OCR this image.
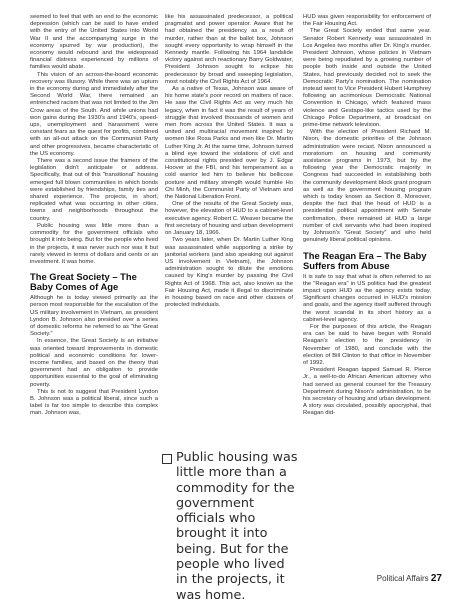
seemed to feel that with an end to the economic depression (which can be said to have ended with the entry of the United States into World War II and the accompanying surge in the economy spurred by war production), the economy would rebound and the widespread financial distress experienced by millions of families would abate.

This vision of an across-the-board economic recovery was illusory. While there was an upturn in the economy during and immediately after the Second World War, there remained an entrenched racism that was not limited to the Jim Crow areas of the South. And while unions had won gains during the 1930's and 1940's, speed-ups, unemployment and harassment were constant fears as the quest for profits, combined with an all-out attack on the Communist Party and other progressives, became characteristic of the US economy.

There was a second issue the framers of the legislation didn't anticipate or address. Specifically, that out of this "transitional" housing emerged full blown communities in which bonds were established by friendships, family ties and shared experience. The projects, in short, replicated what was occurring in other cities, towns and neighborhoods throughout the country.

Public housing was little more than a commodity for the government officials who brought it into being. But for the people who lived in the projects, it was never such nor was it but rarely viewed in terms of dollars and cents or an investment. It was home.

The Great Society – The Baby Comes of Age

Although he is today viewed primarily as the person most responsible for the escalation of the US military involvement in Vietnam, as president Lyndon B. Johnson also presided over a series of domestic reforms he referred to as "the Great Society."

In essence, the Great Society is an initiative was oriented toward improvements in domestic political and economic conditions for lower-income families, and based on the theory that government had an obligation to provide opportunities essential to the goal of eliminating poverty.

This is not to suggest that President Lyndon B. Johnson was a political liberal, since such a label is far too simple to describe this complex man. Johnson was,

like his assassinated predecessor, a political pragmatist and power operator. Aware that he had obtained the presidency as a result of murder, rather than at the ballot box, Johnson sought every opportunity to wrap himself in the Kennedy mantle. Following his 1964 landslide victory against arch reactionary Barry Goldwater, President Johnson sought to eclipse his predecessor by broad and sweeping legislation, most notably the Civil Rights Act of 1964.

As a native of Texas, Johnson was aware of his home state's poor record on matters of race. He saw the Civil Rights Act as very much his legacy, when in fact it was the result of years of struggle that involved thousands of women and men from across the United States. It was a united and multiracial movement inspired by women like Rosa Parks and men like Dr. Martin Luther King Jr. At the same time, Johnson turned a blind eye toward the violations of civil and constitutional rights presided over by J. Edgar Hoover at the FBI, and his temperament as a cold warrior led him to believe his bellicose posture and military strength would humble Ho Chi Minh, the Communist Party of Vietnam and the National Liberation Front.

One of the results of the Great Society was, however, the elevation of HUD to a cabinet-level executive agency. Robert C. Weaver became the first secretary of housing and urban development on January 18, 1966.

Two years later, when Dr. Martin Luther King was assassinated while supporting a strike by janitorial workers (and also speaking out against US involvement in Vietnam), the Johnson administration sought to dilute the emotions caused by King's murder by passing the Civil Rights Act of 1968. This act, also known as the Fair Housing Act, made it illegal to discriminate in housing based on race and other classes of protected individuals.

Public housing was little more than a commodity for the government officials who brought it into being. But for the people who lived in the projects, it was home.

HUD was given responsibility for enforcement of the Fair Housing Act.

The Great Society ended that same year. Senator Robert Kennedy was assassinated in Los Angeles two months after Dr. King's murder. President Johnson, whose policies in Vietnam were being repudiated by a growing number of people both inside and outside the United States, had previously decided not to seek the Democratic Party's nomination. The nomination instead went to Vice President Hubert Humphrey following an acrimonious Democratic National Convention in Chicago, which featured mass violence and Gestapo-like tactics used by the Chicago Police Department, at broadcast on prime-time network television.

With the election of President Richard M. Nixon, the domestic priorities of the Johnson administration were recast. Nixon announced a moratorium on housing and community assistance programs in 1973, but by the following year the Democratic majority in Congress had succeeded in establishing both the community development block grant program as well as the government housing program which is today known as Section 8. Moreover, despite the fact that the head of HUD is a presidential political appointment with Senate confirmation, there remained at HUD a large number of civil servants who had been inspired by Johnson's "Great Society" and who held genuinely liberal political opinions.

The Reagan Era – The Baby Suffers from Abuse

It is safe to say that what is often referred to as the "Reagan era" in US politics had the greatest impact upon HUD as the agency exists today. Significant changes occurred in HUD's mission and goals, and the agency itself suffered through the worst scandal in its short history as a cabinet-level agency.

For the purposes of this article, the Reagan era can be said to have begun with Ronald Reagan's election to the presidency in November of 1980, and conclude with the election of Bill Clinton to that office in November of 1992.

President Reagan tapped Samuel R. Pierce Jr., a well-to-do African American attorney who had served as general counsel for the Treasury Department during Nixon's administration, to be his secretary of housing and urban development. A story was circulated, possibly apocryphal, that Reagan did-

Political Affairs 27
